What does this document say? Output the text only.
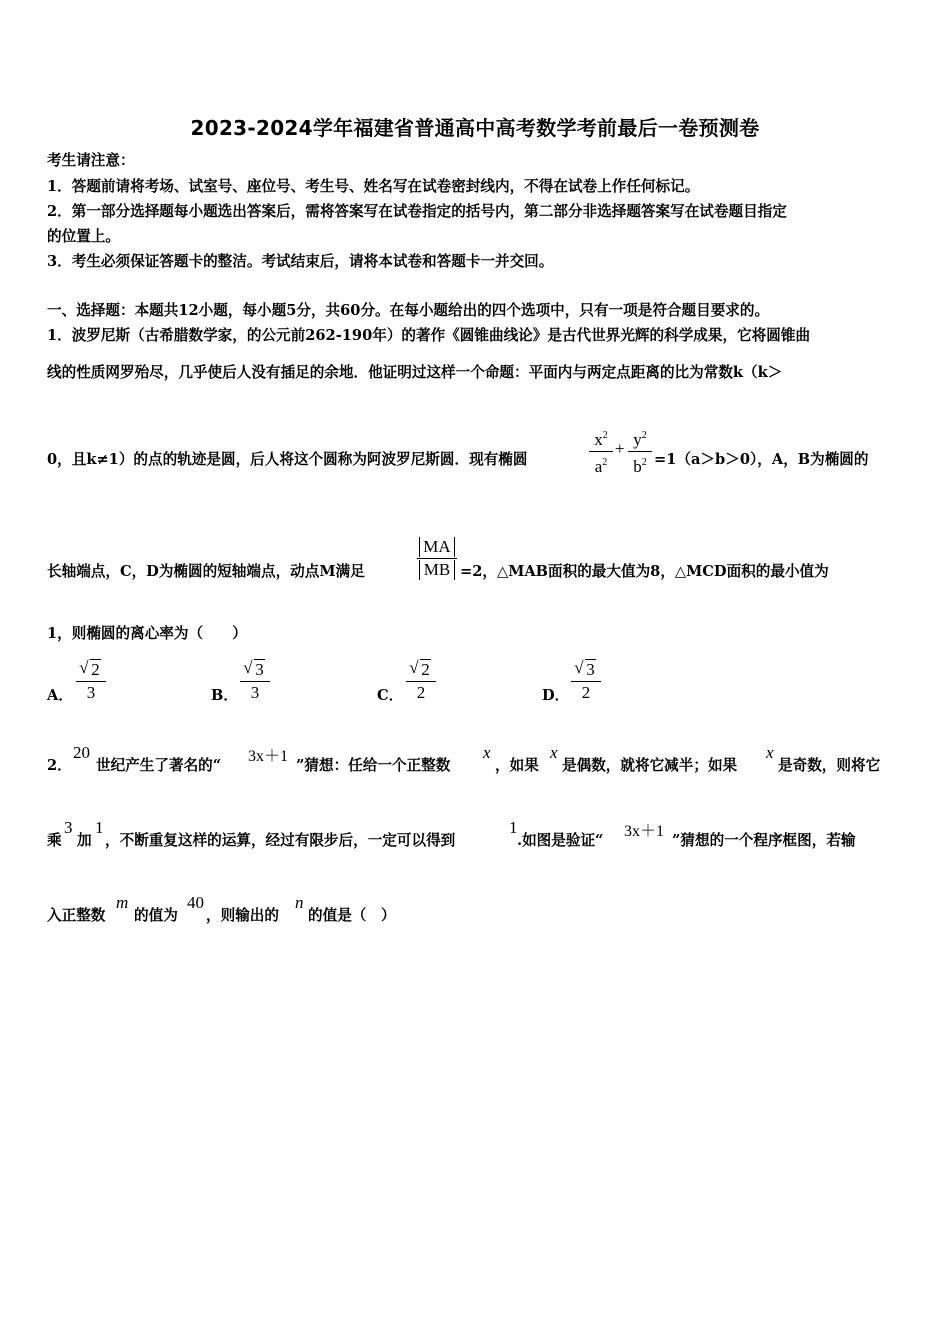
2023-2024学年福建省普通高中高考数学考前最后一卷预测卷
考生请注意：
1．答题前请将考场、试室号、座位号、考生号、姓名写在试卷密封线内，不得在试卷上作任何标记。
2．第一部分选择题每小题选出答案后，需将答案写在试卷指定的括号内，第二部分非选择题答案写在试卷题目指定
的位置上。
3．考生必须保证答题卡的整洁。考试结束后，请将本试卷和答题卡一并交回。
一、选择题：本题共12小题，每小题5分，共60分。在每小题给出的四个选项中，只有一项是符合题目要求的。
1．波罗尼斯（古希腊数学家，的公元前262-190年）的著作《圆锥曲线论》是古代世界光辉的科学成果，它将圆锥曲
线的性质网罗殆尽，几乎使后人没有插足的余地．他证明过这样一个命题：平面内与两定点距离的比为常数k（k＞
0，且k≠1）的点的轨迹是圆，后人将这个圆称为阿波罗尼斯圆．现有椭圆
$x^2$
$a^2$
+ $y^2$
$b^2 =1(a>b>0)$，A，B为椭圆的
长轴端点，C，D为椭圆的短轴端点，动点M满足
MA
MB =2，△MAB面积的最大值为8，△MCD面积的最小值为
1，则椭圆的离心率为（　　）
A．
√ 2
3	B．
√ 3
3	C．
√ 2
2	D．
√ 3
2
2．
20
世纪产生了著名的“
3x＋1
”猜想：任给一个正整数
x
，如果
x
是偶数，就将它减半；如果
x
是奇数，则将它
乘
3
加
1
，不断重复这样的运算，经过有限步后，一定可以得到
1
.如图是验证“
3x＋1
”猜想的一个程序框图，若输
入正整数
m
的值为
40
，则输出的
n
的值是（　）
